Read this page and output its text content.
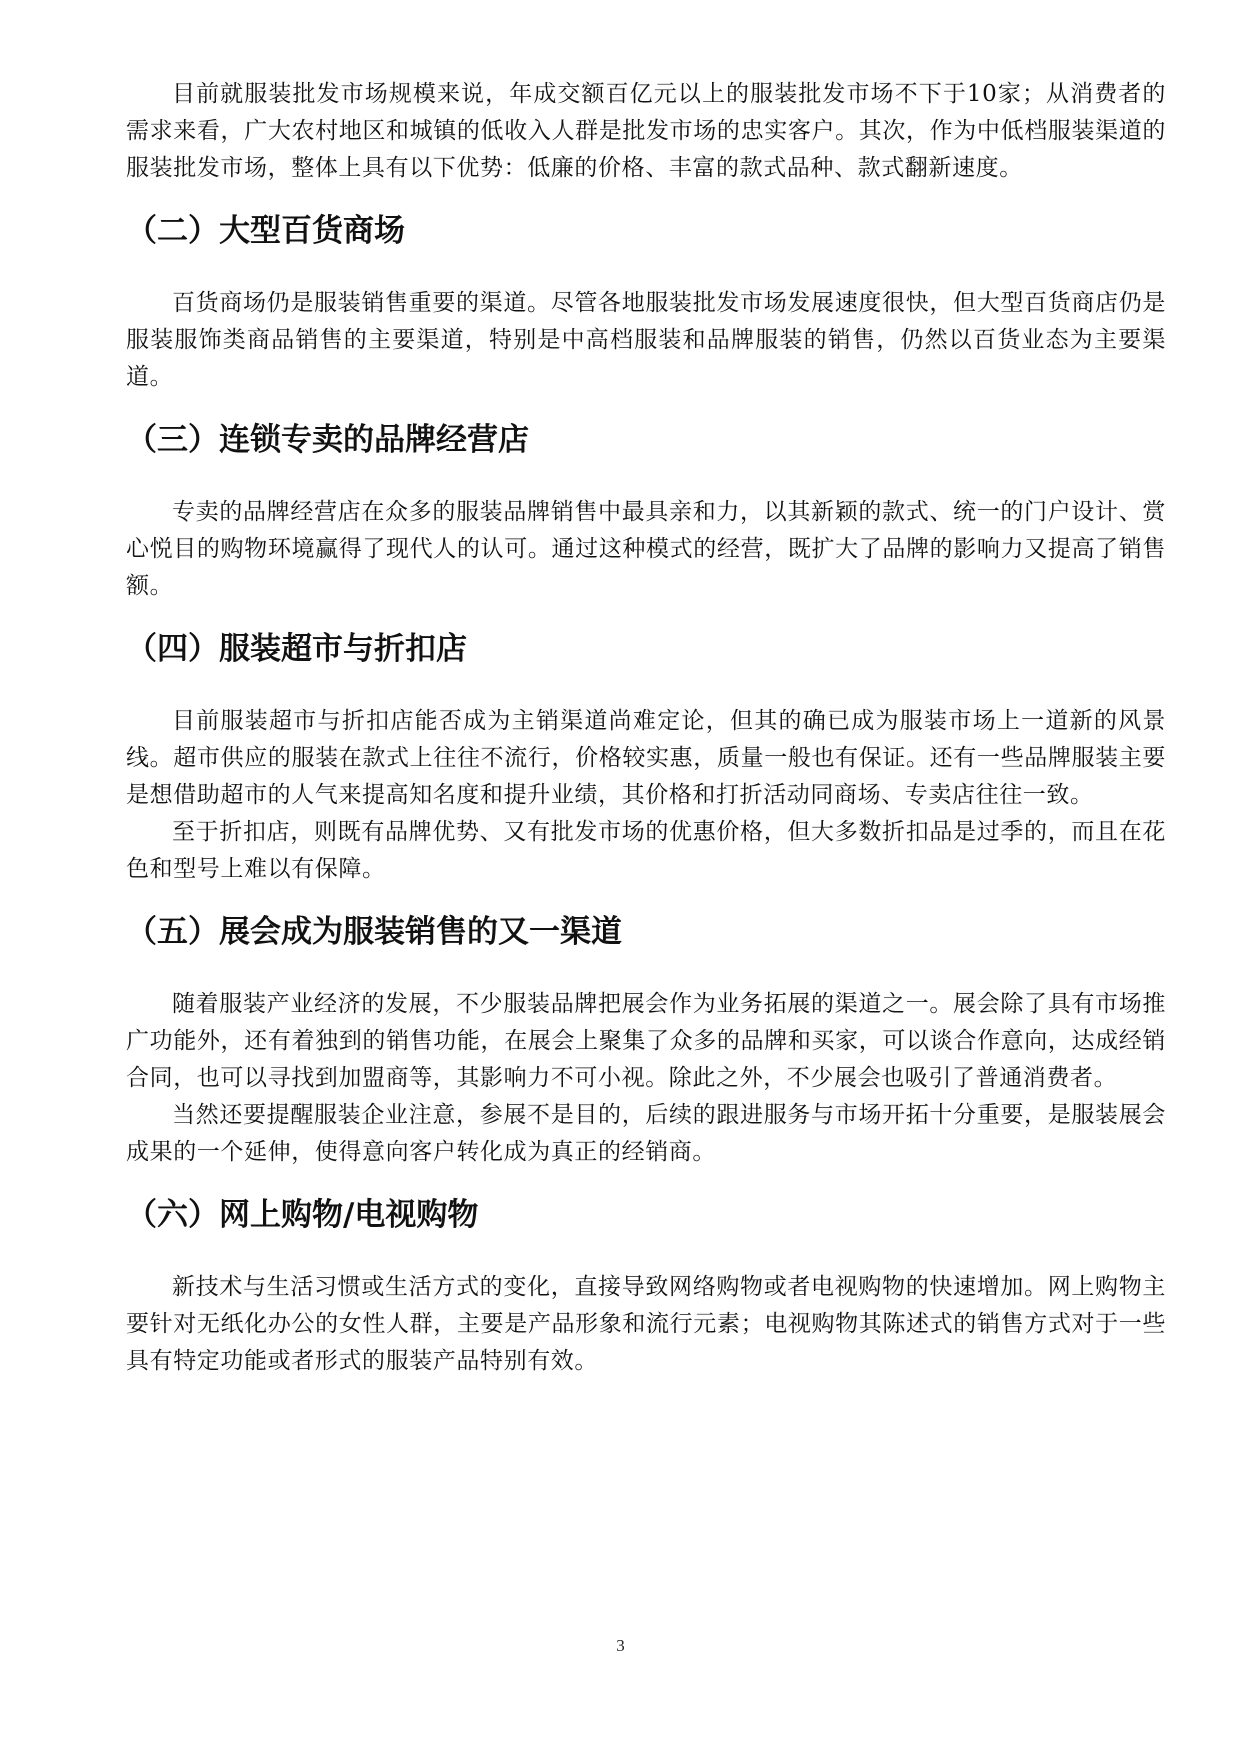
目前就服装批发市场规模来说，年成交额百亿元以上的服装批发市场不下于10家；从消费者的需求来看，广大农村地区和城镇的低收入人群是批发市场的忠实客户。其次，作为中低档服装渠道的服装批发市场，整体上具有以下优势：低廉的价格、丰富的款式品种、款式翻新速度。

（二）大型百货商场

百货商场仍是服装销售重要的渠道。尽管各地服装批发市场发展速度很快，但大型百货商店仍是服装服饰类商品销售的主要渠道，特别是中高档服装和品牌服装的销售，仍然以百货业态为主要渠道。

（三）连锁专卖的品牌经营店

专卖的品牌经营店在众多的服装品牌销售中最具亲和力，以其新颖的款式、统一的门户设计、赏心悦目的购物环境赢得了现代人的认可。通过这种模式的经营，既扩大了品牌的影响力又提高了销售额。

（四）服装超市与折扣店

目前服装超市与折扣店能否成为主销渠道尚难定论，但其的确已成为服装市场上一道新的风景线。超市供应的服装在款式上往往不流行，价格较实惠，质量一般也有保证。还有一些品牌服装主要是想借助超市的人气来提高知名度和提升业绩，其价格和打折活动同商场、专卖店往往一致。

至于折扣店，则既有品牌优势、又有批发市场的优惠价格，但大多数折扣品是过季的，而且在花色和型号上难以有保障。

（五）展会成为服装销售的又一渠道

随着服装产业经济的发展，不少服装品牌把展会作为业务拓展的渠道之一。展会除了具有市场推广功能外，还有着独到的销售功能，在展会上聚集了众多的品牌和买家，可以谈合作意向，达成经销合同，也可以寻找到加盟商等，其影响力不可小视。除此之外，不少展会也吸引了普通消费者。

当然还要提醒服装企业注意，参展不是目的，后续的跟进服务与市场开拓十分重要，是服装展会成果的一个延伸，使得意向客户转化成为真正的经销商。

（六）网上购物/电视购物

新技术与生活习惯或生活方式的变化，直接导致网络购物或者电视购物的快速增加。网上购物主要针对无纸化办公的女性人群，主要是产品形象和流行元素；电视购物其陈述式的销售方式对于一些具有特定功能或者形式的服装产品特别有效。

3
